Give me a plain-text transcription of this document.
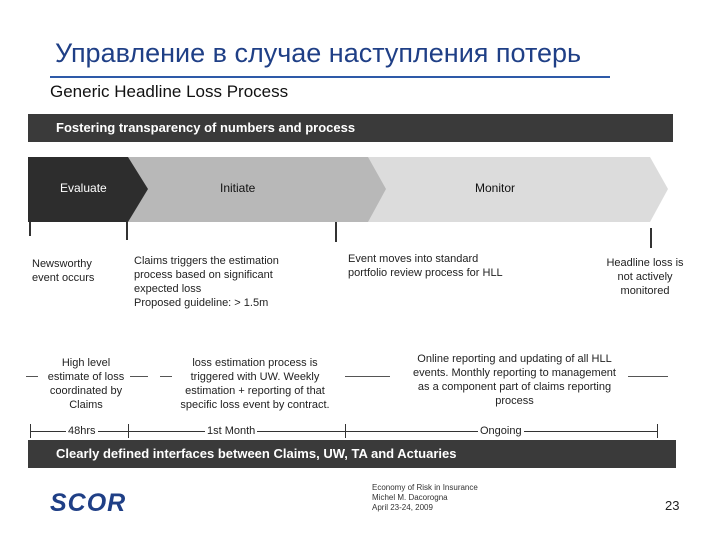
Управление в случае наступления потерь
Generic Headline Loss Process
Fostering transparency of numbers and process
Evaluate	Initiate	Monitor
Newsworthy event occurs
Claims triggers the estimation process based on significant expected loss
Proposed guideline: > 1.5m
Event moves into standard portfolio review process for HLL
Headline loss is not actively monitored
High level estimate of loss coordinated by Claims
loss estimation process is triggered with UW. Weekly estimation + reporting of that specific loss event by contract.
Online reporting and updating of all HLL events. Monthly reporting to management as a component part of claims reporting process
48hrs	1st Month	Ongoing
Clearly defined interfaces between Claims, UW, TA and Actuaries
SCOR
Economy of Risk in Insurance
Michel M. Dacorogna
April 23-24, 2009	23
